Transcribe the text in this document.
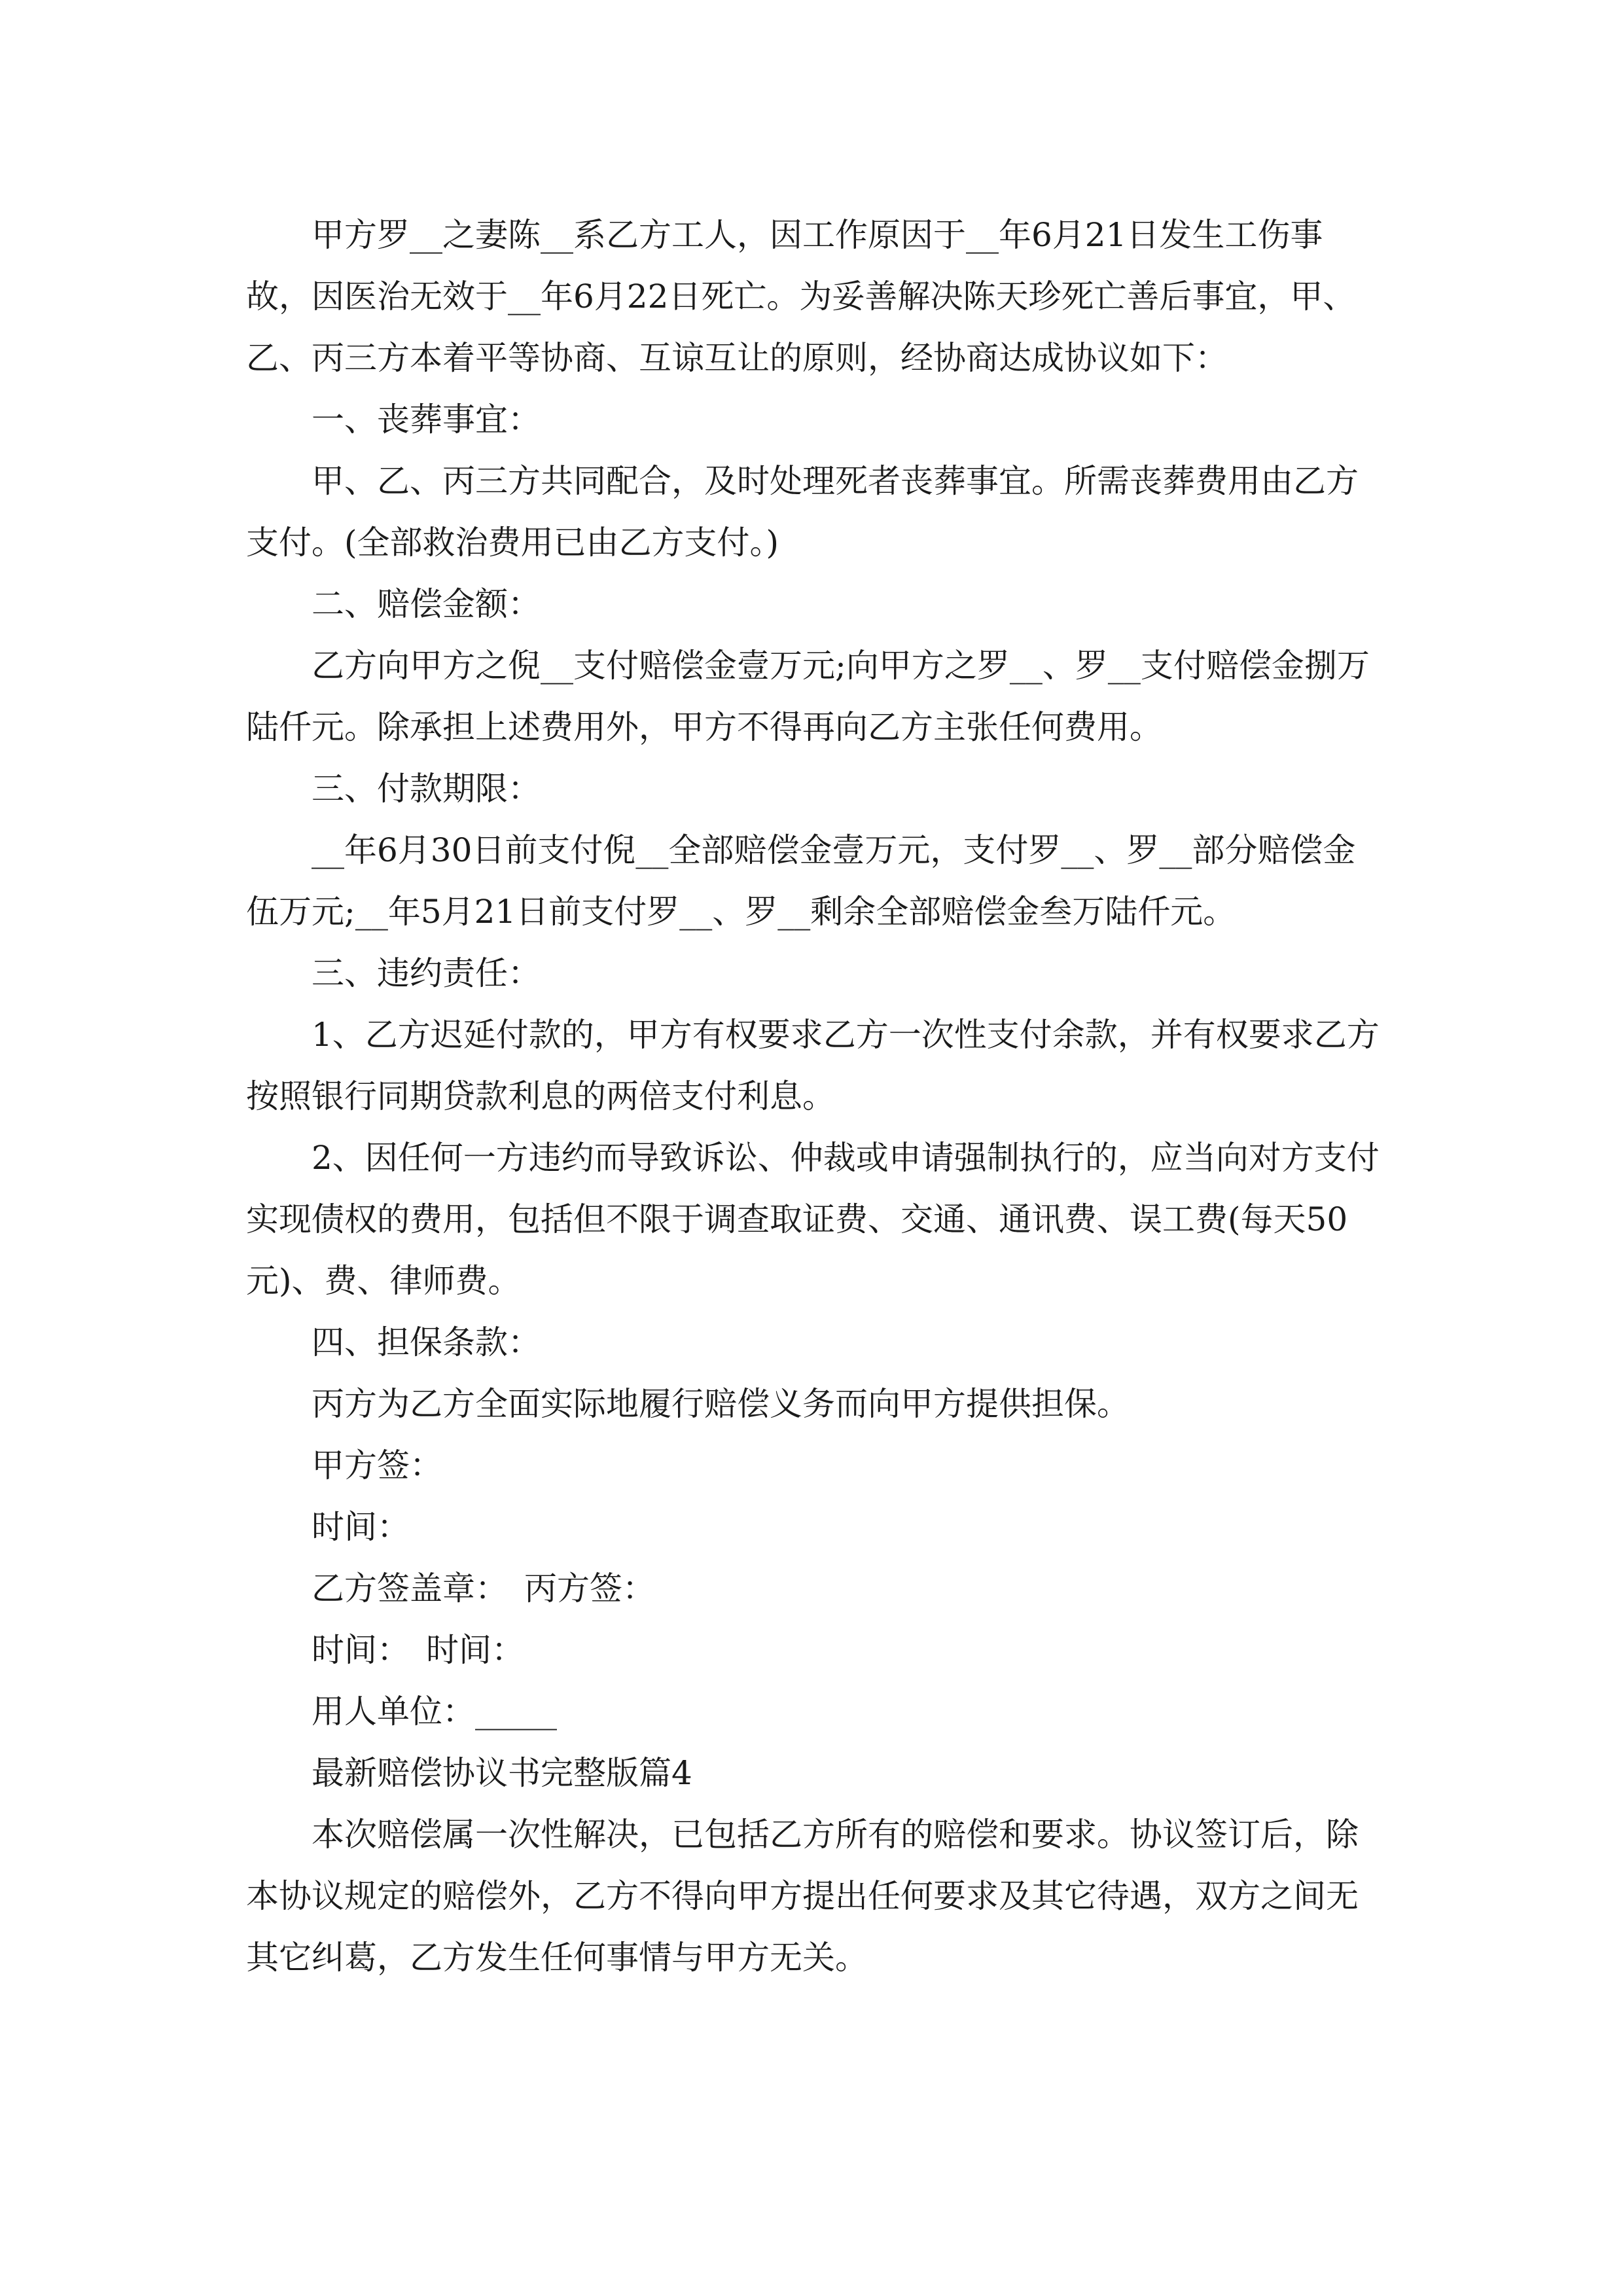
甲方罗__之妻陈__系乙方工人，因工作原因于__年6月21日发生工伤事故，因医治无效于__年6月22日死亡。为妥善解决陈天珍死亡善后事宜，甲、乙、丙三方本着平等协商、互谅互让的原则，经协商达成协议如下：

一、丧葬事宜：

甲、乙、丙三方共同配合，及时处理死者丧葬事宜。所需丧葬费用由乙方支付。(全部救治费用已由乙方支付。)

二、赔偿金额：

乙方向甲方之倪__支付赔偿金壹万元;向甲方之罗__、罗__支付赔偿金捌万陆仟元。除承担上述费用外，甲方不得再向乙方主张任何费用。

三、付款期限：

__年6月30日前支付倪__全部赔偿金壹万元，支付罗__、罗__部分赔偿金伍万元;__年5月21日前支付罗__、罗__剩余全部赔偿金叁万陆仟元。

三、违约责任：

1、乙方迟延付款的，甲方有权要求乙方一次性支付余款，并有权要求乙方按照银行同期贷款利息的两倍支付利息。

2、因任何一方违约而导致诉讼、仲裁或申请强制执行的，应当向对方支付实现债权的费用，包括但不限于调查取证费、交通、通讯费、误工费(每天50元)、费、律师费。

四、担保条款：

丙方为乙方全面实际地履行赔偿义务而向甲方提供担保。

甲方签：

时间：

乙方签盖章：　丙方签：

时间：　时间：

用人单位：_____

最新赔偿协议书完整版篇4

本次赔偿属一次性解决，已包括乙方所有的赔偿和要求。协议签订后，除本协议规定的赔偿外，乙方不得向甲方提出任何要求及其它待遇，双方之间无其它纠葛，乙方发生任何事情与甲方无关。
